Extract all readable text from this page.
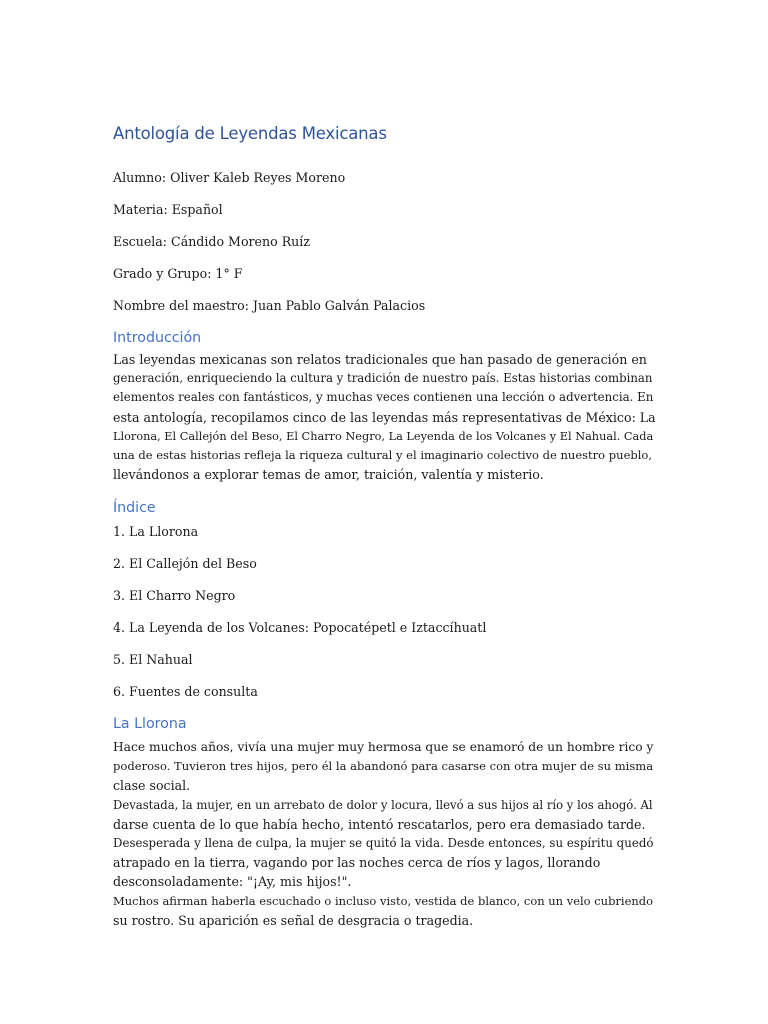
Antología de Leyendas Mexicanas

Alumno: Oliver Kaleb Reyes Moreno

Materia: Español

Escuela: Cándido Moreno Ruíz

Grado y Grupo: 1° F

Nombre del maestro: Juan Pablo Galván Palacios

Introducción

Las leyendas mexicanas son relatos tradicionales que han pasado de generación en
generación, enriqueciendo la cultura y tradición de nuestro país. Estas historias combinan
elementos reales con fantásticos, y muchas veces contienen una lección o advertencia. En
esta antología, recopilamos cinco de las leyendas más representativas de México: La
Llorona, El Callejón del Beso, El Charro Negro, La Leyenda de los Volcanes y El Nahual. Cada
una de estas historias refleja la riqueza cultural y el imaginario colectivo de nuestro pueblo,
llevándonos a explorar temas de amor, traición, valentía y misterio.

Índice

1. La Llorona

2. El Callejón del Beso

3. El Charro Negro

4. La Leyenda de los Volcanes: Popocatépetl e Iztaccíhuatl

5. El Nahual

6. Fuentes de consulta

La Llorona

Hace muchos años, vivía una mujer muy hermosa que se enamoró de un hombre rico y
poderoso. Tuvieron tres hijos, pero él la abandonó para casarse con otra mujer de su misma
clase social.
Devastada, la mujer, en un arrebato de dolor y locura, llevó a sus hijos al río y los ahogó. Al
darse cuenta de lo que había hecho, intentó rescatarlos, pero era demasiado tarde.
Desesperada y llena de culpa, la mujer se quitó la vida. Desde entonces, su espíritu quedó
atrapado en la tierra, vagando por las noches cerca de ríos y lagos, llorando
desconsoladamente: "¡Ay, mis hijos!".
Muchos afirman haberla escuchado o incluso visto, vestida de blanco, con un velo cubriendo
su rostro. Su aparición es señal de desgracia o tragedia.
